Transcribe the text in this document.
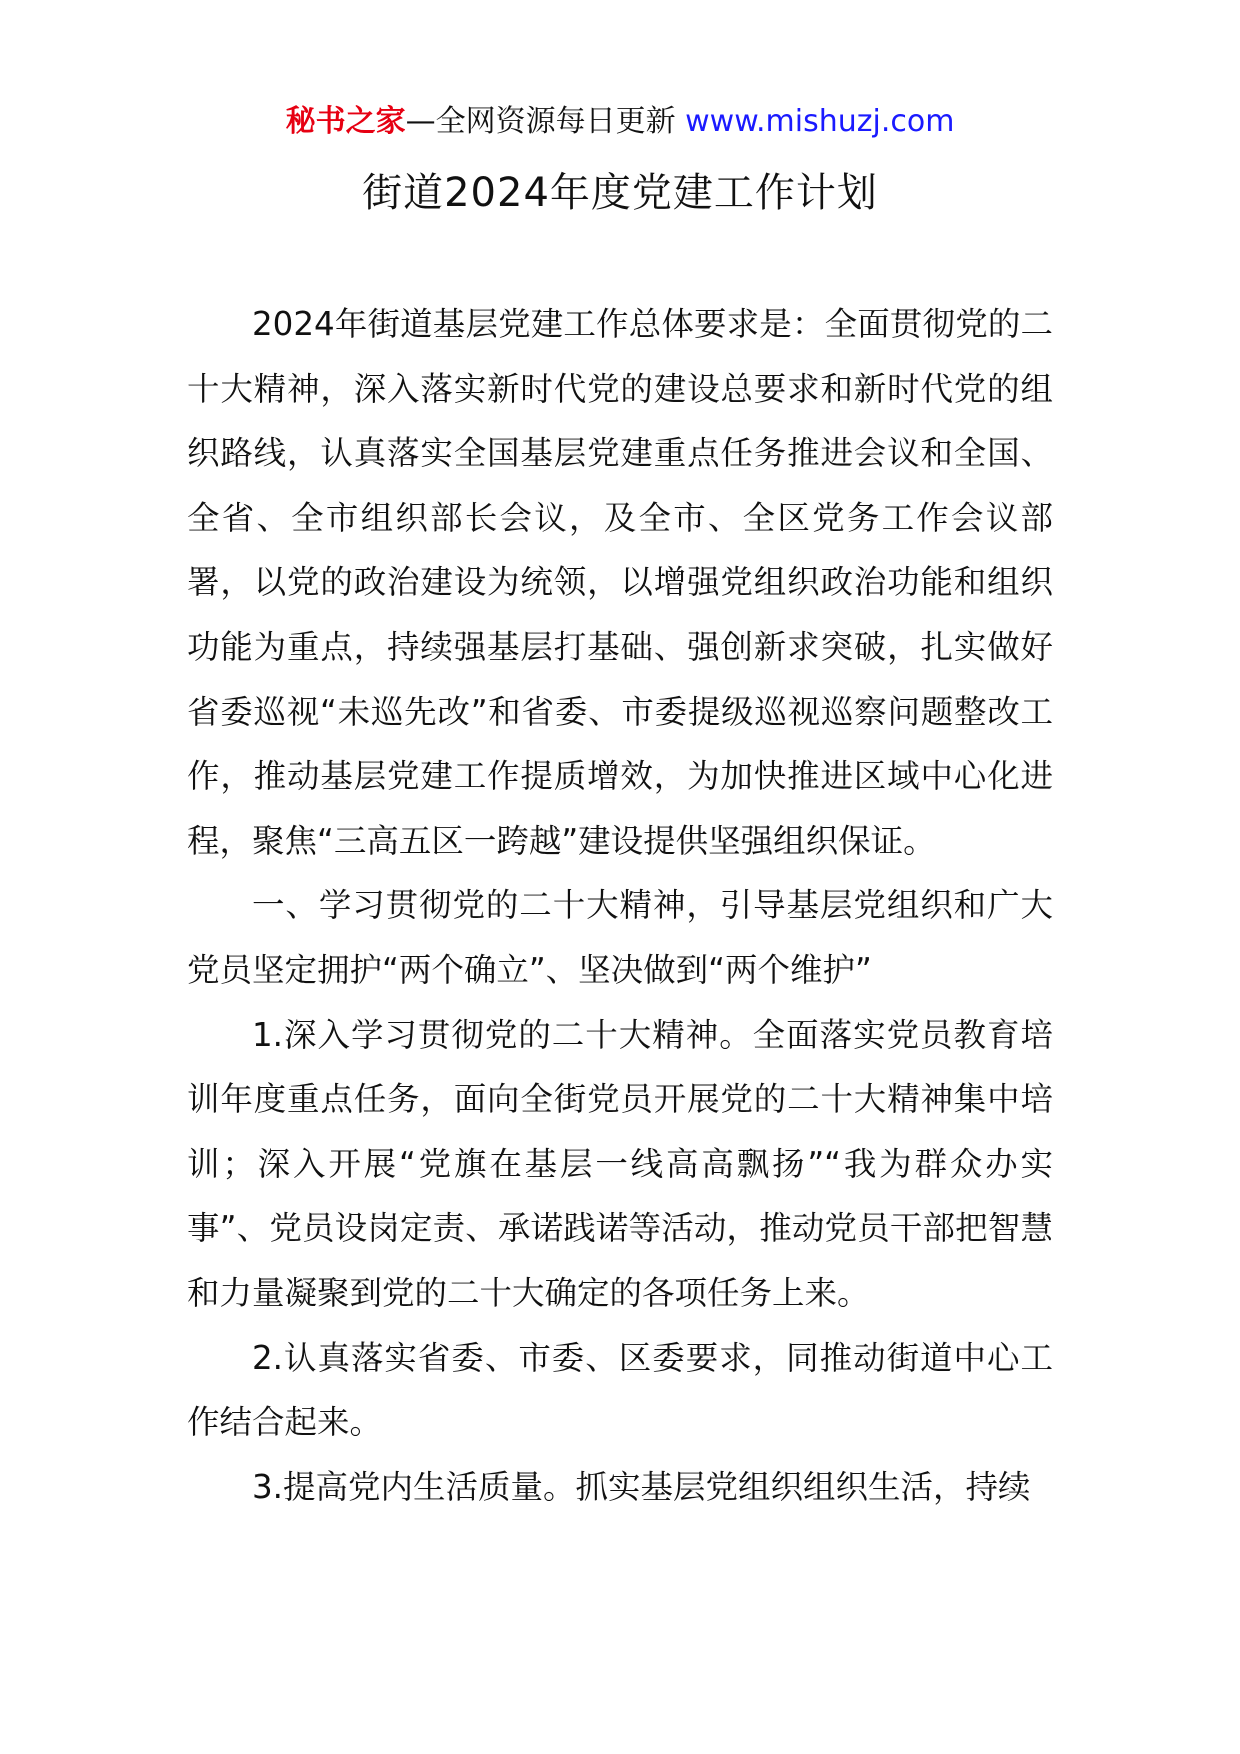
秘书之家—全网资源每日更新 www.mishuzj.com
街道2024年度党建工作计划

2024年街道基层党建工作总体要求是：全面贯彻党的二十大精神，深入落实新时代党的建设总要求和新时代党的组织路线，认真落实全国基层党建重点任务推进会议和全国、全省、全市组织部长会议，及全市、全区党务工作会议部署，以党的政治建设为统领，以增强党组织政治功能和组织功能为重点，持续强基层打基础、强创新求突破，扎实做好省委巡视“未巡先改”和省委、市委提级巡视巡察问题整改工作，推动基层党建工作提质增效，为加快推进区域中心化进程，聚焦“三高五区一跨越”建设提供坚强组织保证。

一、学习贯彻党的二十大精神，引导基层党组织和广大党员坚定拥护“两个确立”、坚决做到“两个维护”

1.深入学习贯彻党的二十大精神。全面落实党员教育培训年度重点任务，面向全街党员开展党的二十大精神集中培训；深入开展“党旗在基层一线高高飘扬”“我为群众办实事”、党员设岗定责、承诺践诺等活动，推动党员干部把智慧和力量凝聚到党的二十大确定的各项任务上来。

2.认真落实省委、市委、区委要求，同推动街道中心工作结合起来。

3.提高党内生活质量。抓实基层党组织组织生活，持续
